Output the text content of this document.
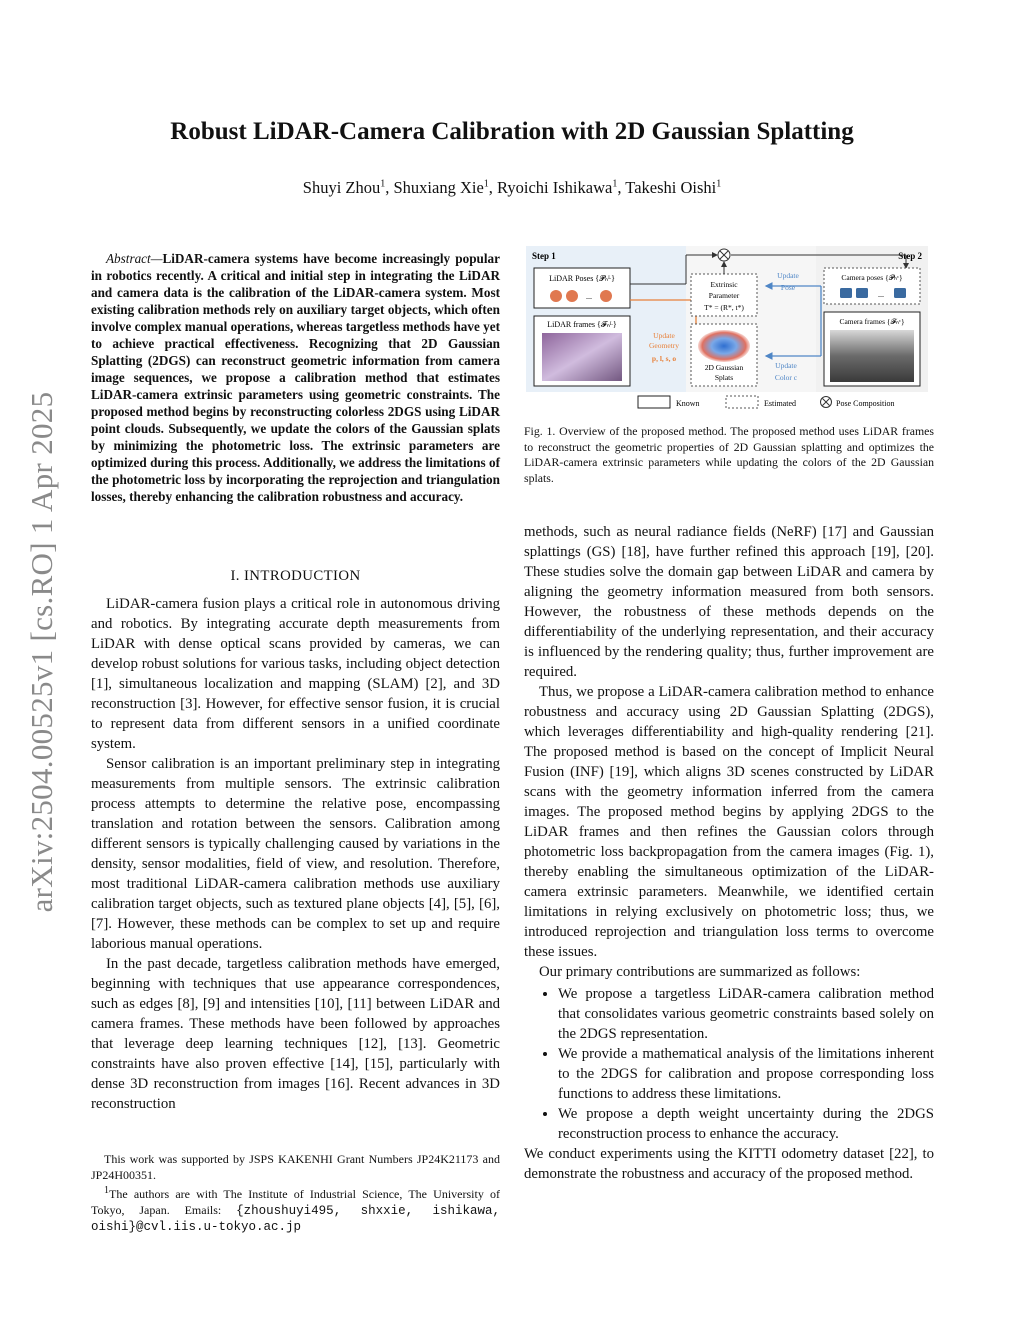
arXiv:2504.00525v1 [cs.RO] 1 Apr 2025
Robust LiDAR-Camera Calibration with 2D Gaussian Splatting
Shuyi Zhou$^1$, Shuxiang Xie$^1$, Ryoichi Ishikawa$^1$, Takeshi Oishi$^1$

Abstract—LiDAR-camera systems have become increasingly popular in robotics recently. A critical and initial step in integrating the LiDAR and camera data is the calibration of the LiDAR-camera system. Most existing calibration methods rely on auxiliary target objects, which often involve complex manual operations, whereas targetless methods have yet to achieve practical effectiveness. Recognizing that 2D Gaussian Splatting (2DGS) can reconstruct geometric information from camera image sequences, we propose a calibration method that estimates LiDAR-camera extrinsic parameters using geometric constraints. The proposed method begins by reconstructing colorless 2DGS using LiDAR point clouds. Subsequently, we update the colors of the Gaussian splats by minimizing the photometric loss. The extrinsic parameters are optimized during this process. Additionally, we address the limitations of the photometric loss by incorporating the reprojection and triangulation losses, thereby enhancing the calibration robustness and accuracy.

I. INTRODUCTION

LiDAR-camera fusion plays a critical role in autonomous driving and robotics. By integrating accurate depth measurements from LiDAR with dense optical scans provided by cameras, we can develop robust solutions for various tasks, including object detection [1], simultaneous localization and mapping (SLAM) [2], and 3D reconstruction [3]. However, for effective sensor fusion, it is crucial to represent data from different sensors in a unified coordinate system.

Sensor calibration is an important preliminary step in integrating measurements from multiple sensors. The extrinsic calibration process attempts to determine the relative pose, encompassing translation and rotation between the sensors. Calibration among different sensors is typically challenging caused by variations in the density, sensor modalities, field of view, and resolution. Therefore, most traditional LiDAR-camera calibration methods use auxiliary calibration target objects, such as textured plane objects [4], [5], [6], [7]. However, these methods can be complex to set up and require laborious manual operations.

In the past decade, targetless calibration methods have emerged, beginning with techniques that use appearance correspondences, such as edges [8], [9] and intensities [10], [11] between LiDAR and camera frames. These methods have been followed by approaches that leverage deep learning techniques [12], [13]. Geometric constraints have also proven effective [14], [15], particularly with dense 3D reconstruction from images [16]. Recent advances in 3D reconstruction

This work was supported by JSPS KAKENHI Grant Numbers JP24K21173 and JP24H00351.

$^1$The authors are with The Institute of Industrial Science, The University of Tokyo, Japan. Emails: {zhoushuyi495, shxxie, ishikawa, oishi}@cvl.iis.u-tokyo.ac.jp

Step 1	Step 2
LiDAR Poses {𝓟ₙᴸ}
...
LiDAR frames {𝓕ₙᴸ}
Update
Geometry
p, l, s, o
Extrinsic
Parameter
T* = (R*, t*)
Update
Pose
2D Gaussian
Splats
Update
Color c
Camera poses {𝓟ₙᶜ}
...
Camera frames {𝓕ₙᶜ}
Known	Estimated	Pose Composition
Fig. 1. Overview of the proposed method. The proposed method uses LiDAR frames to reconstruct the geometric properties of 2D Gaussian splatting and optimizes the LiDAR-camera extrinsic parameters while updating the colors of the 2D Gaussian splats.

methods, such as neural radiance fields (NeRF) [17] and Gaussian splattings (GS) [18], have further refined this approach [19], [20]. These studies solve the domain gap between LiDAR and camera by aligning the geometry information measured from both sensors. However, the robustness of these methods depends on the differentiability of the underlying representation, and their accuracy is influenced by the rendering quality; thus, further improvement are required.

Thus, we propose a LiDAR-camera calibration method to enhance robustness and accuracy using 2D Gaussian Splatting (2DGS), which leverages differentiability and high-quality rendering [21]. The proposed method is based on the concept of Implicit Neural Fusion (INF) [19], which aligns 3D scenes constructed by LiDAR scans with the geometry information inferred from the camera images. The proposed method begins by applying 2DGS to the LiDAR frames and then refines the Gaussian colors through photometric loss backpropagation from the camera images (Fig. 1), thereby enabling the simultaneous optimization of the LiDAR-camera extrinsic parameters. Meanwhile, we identified certain limitations in relying exclusively on photometric loss; thus, we introduced reprojection and triangulation loss terms to overcome these issues.

Our primary contributions are summarized as follows:

• We propose a targetless LiDAR-camera calibration method that consolidates various geometric constraints based solely on the 2DGS representation.
• We provide a mathematical analysis of the limitations inherent to the 2DGS for calibration and propose corresponding loss functions to address these limitations.
• We propose a depth weight uncertainty during the 2DGS reconstruction process to enhance the accuracy.

We conduct experiments using the KITTI odometry dataset [22], to demonstrate the robustness and accuracy of the proposed method.
